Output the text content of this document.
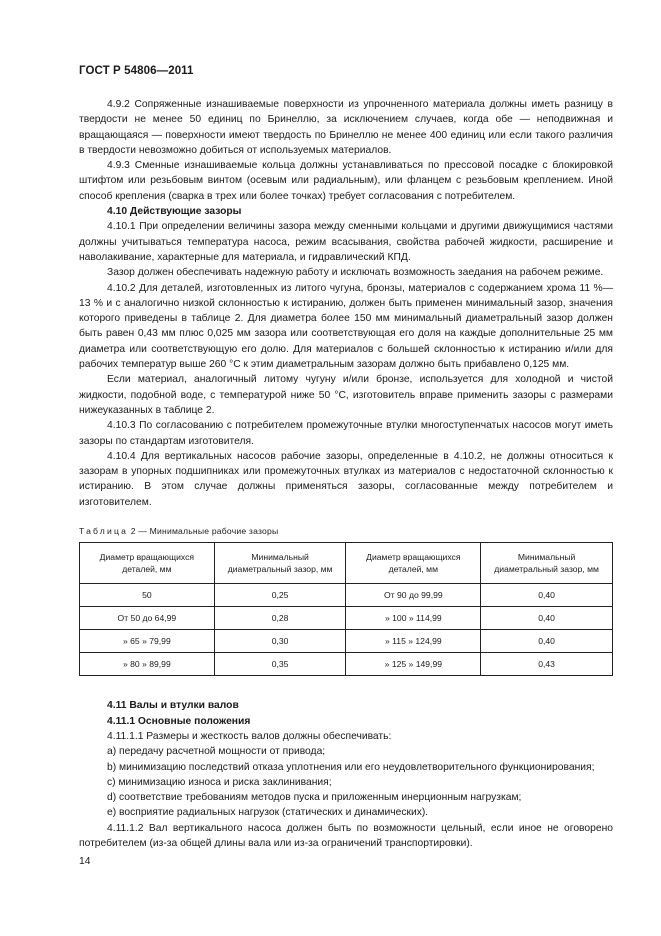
ГОСТ Р 54806—2011

4.9.2 Сопряженные изнашиваемые поверхности из упрочненного материала должны иметь разницу в твердости не менее 50 единиц по Бринеллю, за исключением случаев, когда обе — неподвижная и вращающаяся — поверхности имеют твердость по Бринеллю не менее 400 единиц или если такого различия в твердости невозможно добиться от используемых материалов.

4.9.3 Сменные изнашиваемые кольца должны устанавливаться по прессовой посадке с блокировкой штифтом или резьбовым винтом (осевым или радиальным), или фланцем с резьбовым креплением. Иной способ крепления (сварка в трех или более точках) требует согласования с потребителем.

4.10 Действующие зазоры

4.10.1 При определении величины зазора между сменными кольцами и другими движущимися частями должны учитываться температура насоса, режим всасывания, свойства рабочей жидкости, расширение и наволакивание, характерные для материала, и гидравлический КПД.

Зазор должен обеспечивать надежную работу и исключать возможность заедания на рабочем режиме.

4.10.2 Для деталей, изготовленных из литого чугуна, бронзы, материалов с содержанием хрома 11 %—13 % и с аналогично низкой склонностью к истиранию, должен быть применен минимальный зазор, значения которого приведены в таблице 2. Для диаметра более 150 мм минимальный диаметральный зазор должен быть равен 0,43 мм плюс 0,025 мм зазора или соответствующая его доля на каждые дополнительные 25 мм диаметра или соответствующую его долю. Для материалов с большей склонностью к истиранию и/или для рабочих температур выше 260 °С к этим диаметральным зазорам должно быть прибавлено 0,125 мм.

Если материал, аналогичный литому чугуну и/или бронзе, используется для холодной и чистой жидкости, подобной воде, с температурой ниже 50 °С, изготовитель вправе применить зазоры с размерами нижеуказанных в таблице 2.

4.10.3 По согласованию с потребителем промежуточные втулки многоступенчатых насосов могут иметь зазоры по стандартам изготовителя.

4.10.4 Для вертикальных насосов рабочие зазоры, определенные в 4.10.2, не должны относиться к зазорам в упорных подшипниках или промежуточных втулках из материалов с недостаточной склонностью к истиранию. В этом случае должны применяться зазоры, согласованные между потребителем и изготовителем.

Таблица 2 — Минимальные рабочие зазоры
Диаметр вращающихся деталей, мм	Минимальный диаметральный зазор, мм	Диаметр вращающихся деталей, мм	Минимальный диаметральный зазор, мм
50	0,25	От 90 до 99,99	0,40
От 50 до 64,99	0,28	» 100 » 114,99	0,40
» 65 » 79,99	0,30	» 115 » 124,99	0,40
» 80 » 89,99	0,35	» 125 » 149,99	0,43

4.11 Валы и втулки валов

4.11.1 Основные положения

4.11.1.1 Размеры и жесткость валов должны обеспечивать:

а) передачу расчетной мощности от привода;

b) минимизацию последствий отказа уплотнения или его неудовлетворительного функционирования;

c) минимизацию износа и риска заклинивания;

d) соответствие требованиям методов пуска и приложенным инерционным нагрузкам;

e) восприятие радиальных нагрузок (статических и динамических).

4.11.1.2 Вал вертикального насоса должен быть по возможности цельный, если иное не оговорено потребителем (из-за общей длины вала или из-за ограничений транспортировки).

14
